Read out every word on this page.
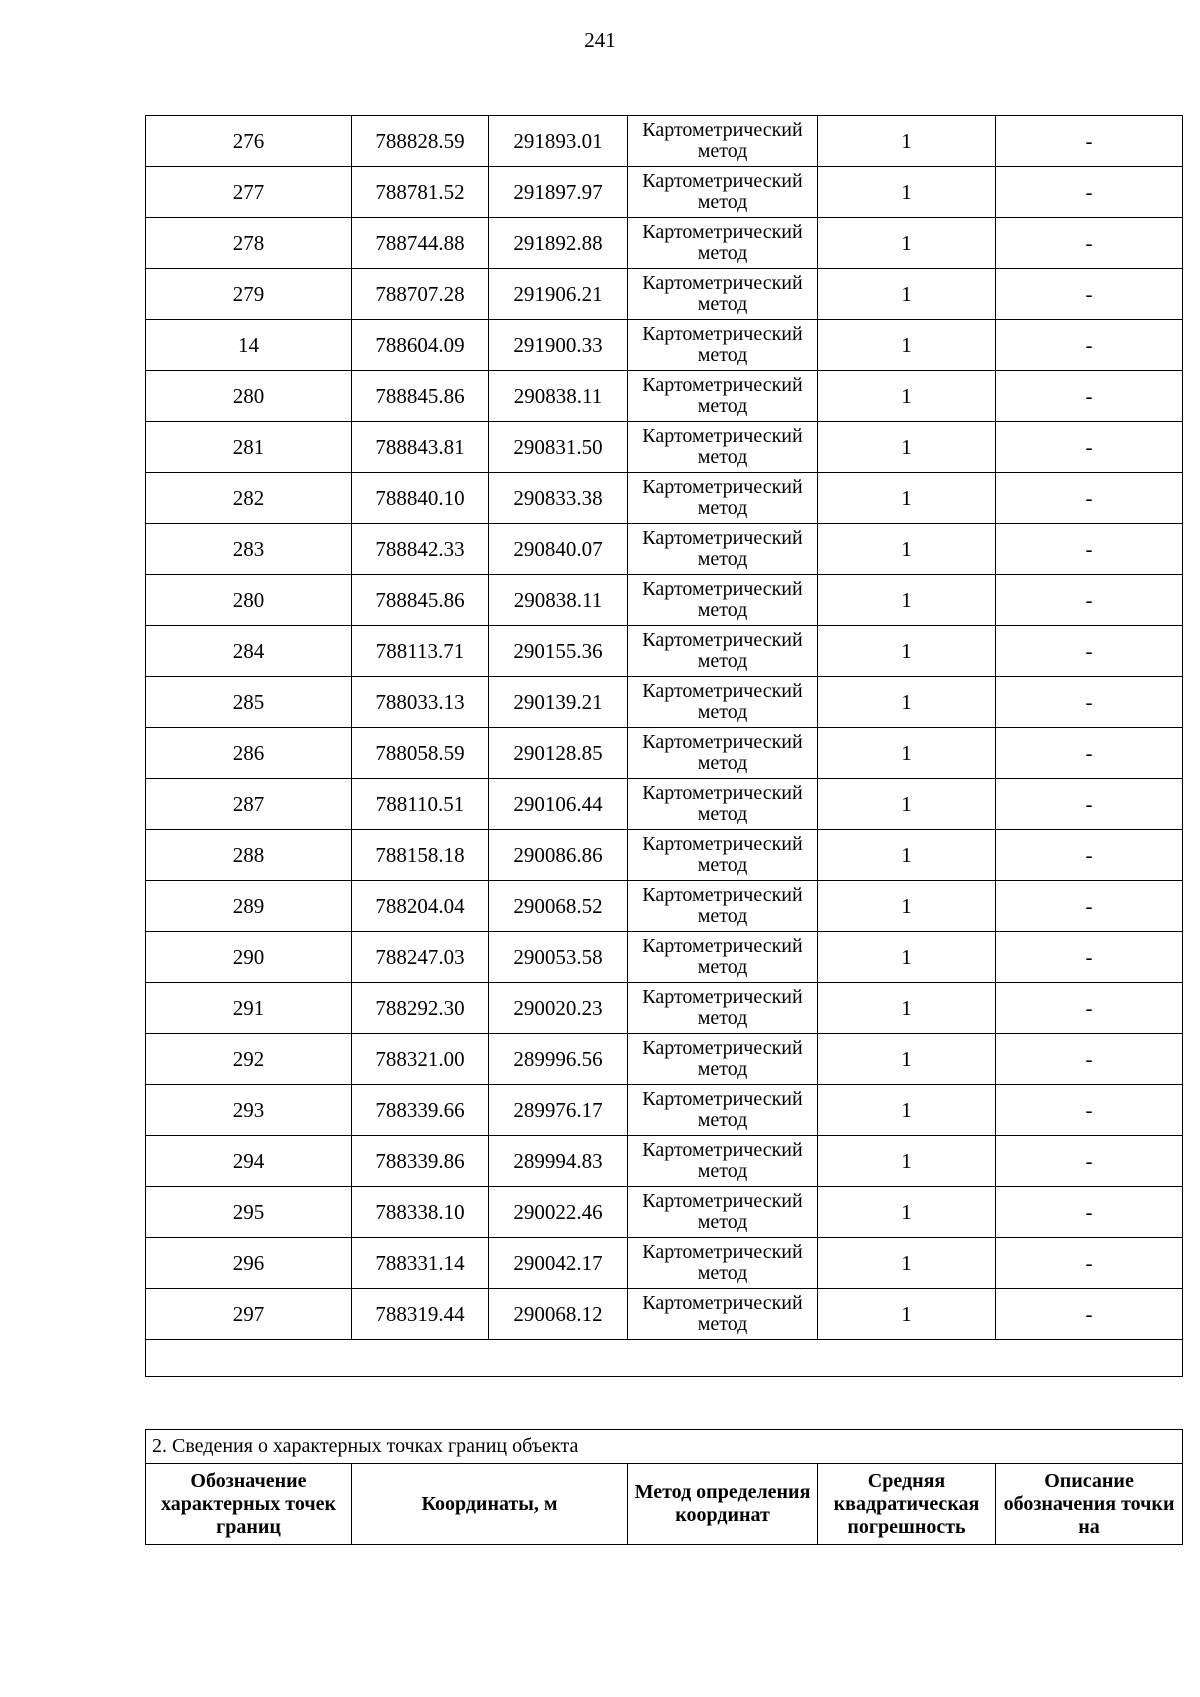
241
276	788828.59	291893.01	Картометрический метод	1	-
277	788781.52	291897.97	Картометрический метод	1	-
278	788744.88	291892.88	Картометрический метод	1	-
279	788707.28	291906.21	Картометрический метод	1	-
14	788604.09	291900.33	Картометрический метод	1	-
280	788845.86	290838.11	Картометрический метод	1	-
281	788843.81	290831.50	Картометрический метод	1	-
282	788840.10	290833.38	Картометрический метод	1	-
283	788842.33	290840.07	Картометрический метод	1	-
280	788845.86	290838.11	Картометрический метод	1	-
284	788113.71	290155.36	Картометрический метод	1	-
285	788033.13	290139.21	Картометрический метод	1	-
286	788058.59	290128.85	Картометрический метод	1	-
287	788110.51	290106.44	Картометрический метод	1	-
288	788158.18	290086.86	Картометрический метод	1	-
289	788204.04	290068.52	Картометрический метод	1	-
290	788247.03	290053.58	Картометрический метод	1	-
291	788292.30	290020.23	Картометрический метод	1	-
292	788321.00	289996.56	Картометрический метод	1	-
293	788339.66	289976.17	Картометрический метод	1	-
294	788339.86	289994.83	Картометрический метод	1	-
295	788338.10	290022.46	Картометрический метод	1	-
296	788331.14	290042.17	Картометрический метод	1	-
297	788319.44	290068.12	Картометрический метод	1	-

2. Сведения о характерных точках границ объекта
Обозначение характерных точек границ	Координаты, м	Метод определения координат	Средняя квадратическая погрешность	Описание обозначения точки на
